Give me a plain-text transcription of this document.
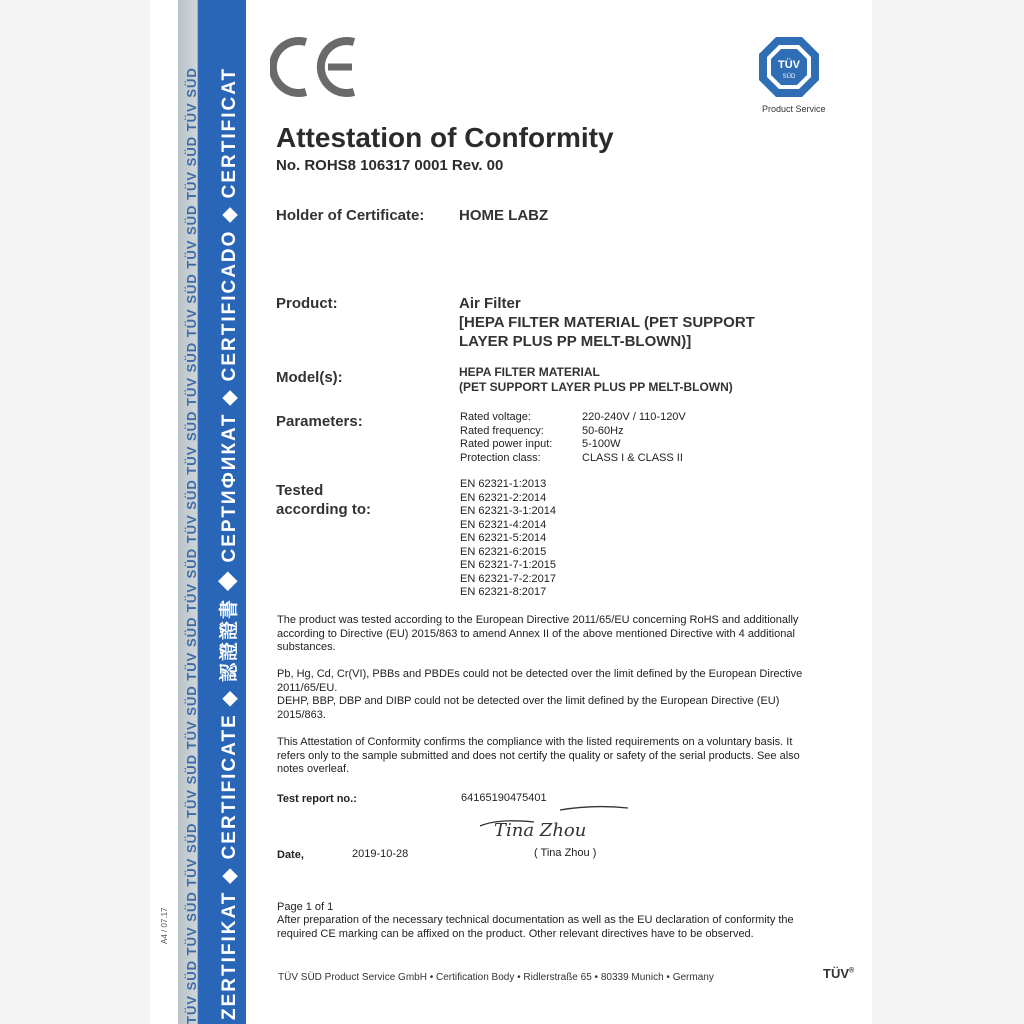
TÜV SÜD TÜV SÜD TÜV SÜD TÜV SÜD TÜV SÜD TÜV SÜD TÜV SÜD TÜV SÜD TÜV SÜD TÜV SÜD TÜV SÜD TÜV SÜD TÜV SÜD TÜV SÜD ZERTIFIKAT ◆ CERTIFICATE ◆ 認證證書 ◆ СЕРТИФИКАТ ◆ CERTIFICADO ◆ CERTIFICAT
A4 / 07.17
TÜV
SÜD
Product Service
Attestation of Conformity
No. ROHS8 106317 0001 Rev. 00
Holder of Certificate: HOME LABZ
Product:	Air Filter
[HEPA FILTER MATERIAL (PET SUPPORT
LAYER PLUS PP MELT-BLOWN)]
Model(s):	HEPA FILTER MATERIAL
(PET SUPPORT LAYER PLUS PP MELT-BLOWN)
Parameters:	Rated voltage:	220-240V / 110-120V
Rated frequency:	50-60Hz
Rated power input:	5-100W
Protection class:	CLASS I & CLASS II
Tested
according to:
EN 62321-1:2013
EN 62321-2:2014
EN 62321-3-1:2014
EN 62321-4:2014
EN 62321-5:2014
EN 62321-6:2015
EN 62321-7-1:2015
EN 62321-7-2:2017
EN 62321-8:2017

The product was tested according to the European Directive 2011/65/EU concerning RoHS and additionally according to Directive (EU) 2015/863 to amend Annex II of the above mentioned Directive with 4 additional substances.

Pb, Hg, Cd, Cr(VI), PBBs and PBDEs could not be detected over the limit defined by the European Directive 2011/65/EU.

DEHP, BBP, DBP and DIBP could not be detected over the limit defined by the European Directive (EU) 2015/863.

This Attestation of Conformity confirms the compliance with the listed requirements on a voluntary basis. It refers only to the sample submitted and does not certify the quality or safety of the serial products. See also notes overleaf.

Test report no.:	64165190475401
Tina Zhou
Date,	2019-10-28	( Tina Zhou )
Page 1 of 1

After preparation of the necessary technical documentation as well as the EU declaration of conformity the required CE marking can be affixed on the product. Other relevant directives have to be observed.

TÜV SÜD Product Service GmbH • Certification Body • Ridlerstraße 65 • 80339 Munich • Germany	TÜV®
